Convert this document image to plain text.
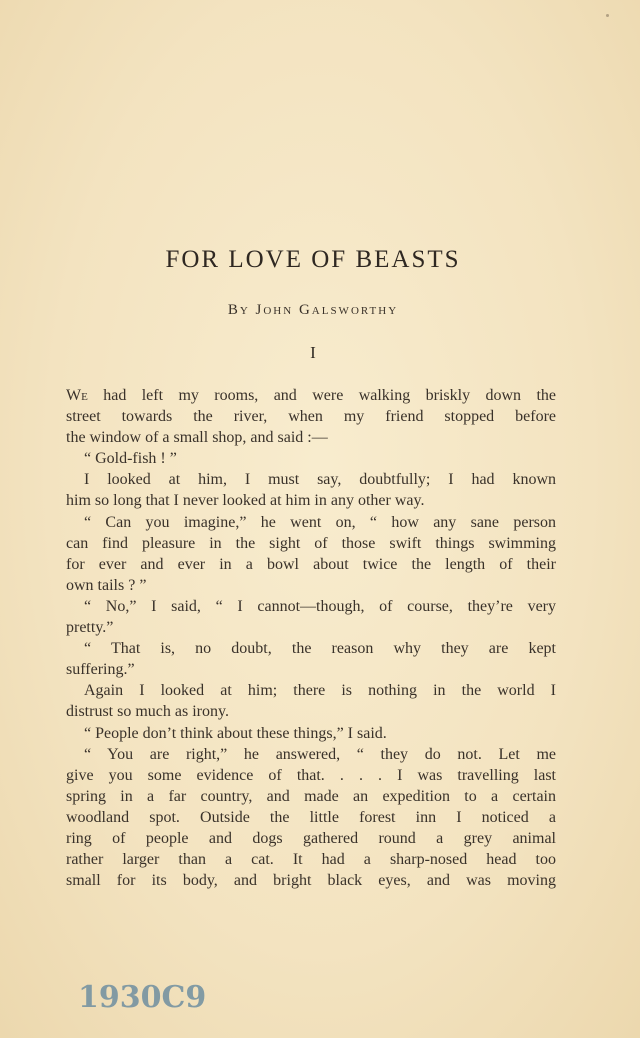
FOR LOVE OF BEASTS
By John Galsworthy
I
We had left my rooms, and were walking briskly down the
street towards the river, when my friend stopped before
the window of a small shop, and said :—
“ Gold-fish ! ”
I looked at him, I must say, doubtfully; I had known
him so long that I never looked at him in any other way.
“ Can you imagine,” he went on, “ how any sane person
can find pleasure in the sight of those swift things swimming
for ever and ever in a bowl about twice the length of their
own tails ? ”
“ No,” I said, “ I cannot—though, of course, they’re very
pretty.”
“ That is, no doubt, the reason why they are kept
suffering.”
Again I looked at him; there is nothing in the world I
distrust so much as irony.
“ People don’t think about these things,” I said.
“ You are right,” he answered, “ they do not. Let me
give you some evidence of that. . . . I was travelling last
spring in a far country, and made an expedition to a certain
woodland spot. Outside the little forest inn I noticed a
ring of people and dogs gathered round a grey animal
rather larger than a cat. It had a sharp-nosed head too
small for its body, and bright black eyes, and was moving
1930C9
